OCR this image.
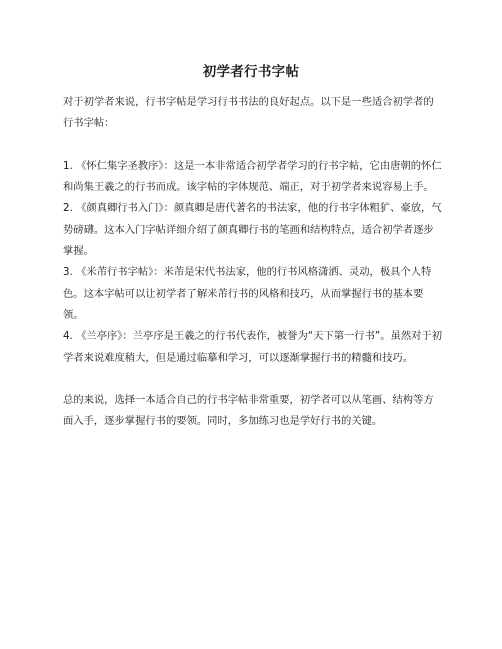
初学者行书字帖

对于初学者来说，行书字帖是学习行书书法的良好起点。以下是一些适合初学者的行书字帖：

1. 《怀仁集字圣教序》：这是一本非常适合初学者学习的行书字帖，它由唐朝的怀仁和尚集王羲之的行书而成。该字帖的字体规范、端正，对于初学者来说容易上手。

2. 《颜真卿行书入门》：颜真卿是唐代著名的书法家，他的行书字体粗犷、豪放，气势磅礴。这本入门字帖详细介绍了颜真卿行书的笔画和结构特点，适合初学者逐步掌握。

3. 《米芾行书字帖》：米芾是宋代书法家，他的行书风格潇洒、灵动，极具个人特色。这本字帖可以让初学者了解米芾行书的风格和技巧，从而掌握行书的基本要领。

4. 《兰亭序》：兰亭序是王羲之的行书代表作，被誉为“天下第一行书”。虽然对于初学者来说难度稍大，但是通过临摹和学习，可以逐渐掌握行书的精髓和技巧。

总的来说，选择一本适合自己的行书字帖非常重要，初学者可以从笔画、结构等方面入手，逐步掌握行书的要领。同时，多加练习也是学好行书的关键。
